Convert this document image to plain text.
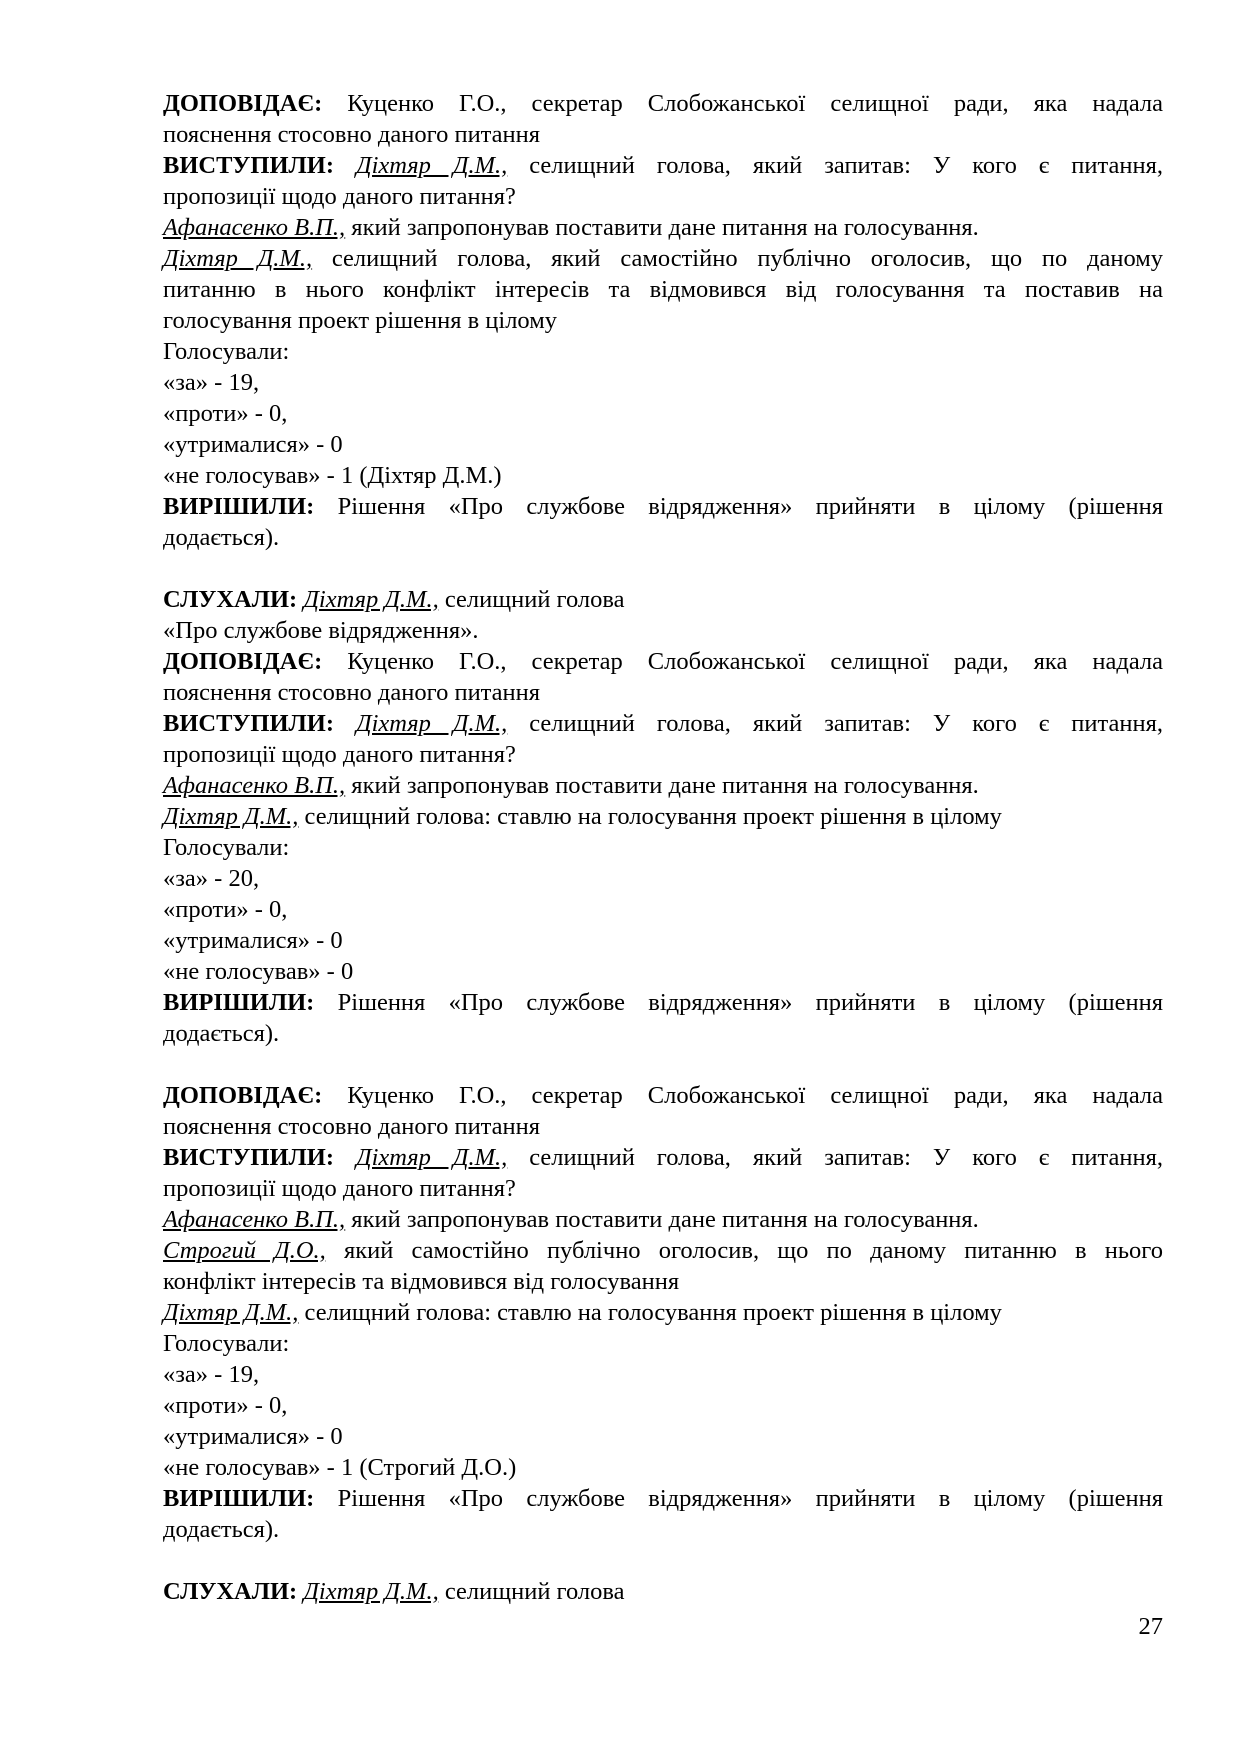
ДОПОВІДАЄ: Куценко Г.О., секретар Слобожанської селищної ради, яка надала

пояснення стосовно даного питання

ВИСТУПИЛИ: Діхтяр Д.М., селищний голова, який запитав: У кого є питання,

пропозиції щодо даного питання?

Афанасенко В.П., який запропонував поставити дане питання на голосування.

Діхтяр Д.М., селищний голова, який самостійно публічно оголосив, що по даному

питанню в нього конфлікт інтересів та відмовився від голосування та поставив на

голосування проект рішення в цілому

Голосували:

«за» - 19,

«проти» - 0,

«утрималися» - 0

«не голосував» - 1 (Діхтяр Д.М.)

ВИРІШИЛИ: Рішення «Про службове відрядження» прийняти в цілому (рішення

додається).

СЛУХАЛИ: Діхтяр Д.М., селищний голова

«Про службове відрядження».

ДОПОВІДАЄ: Куценко Г.О., секретар Слобожанської селищної ради, яка надала

пояснення стосовно даного питання

ВИСТУПИЛИ: Діхтяр Д.М., селищний голова, який запитав: У кого є питання,

пропозиції щодо даного питання?

Афанасенко В.П., який запропонував поставити дане питання на голосування.

Діхтяр Д.М., селищний голова: ставлю на голосування проект рішення в цілому

Голосували:

«за» - 20,

«проти» - 0,

«утрималися» - 0

«не голосував» - 0

ВИРІШИЛИ: Рішення «Про службове відрядження» прийняти в цілому (рішення

додається).

ДОПОВІДАЄ: Куценко Г.О., секретар Слобожанської селищної ради, яка надала

пояснення стосовно даного питання

ВИСТУПИЛИ: Діхтяр Д.М., селищний голова, який запитав: У кого є питання,

пропозиції щодо даного питання?

Афанасенко В.П., який запропонував поставити дане питання на голосування.

Строгий Д.О., який самостійно публічно оголосив, що по даному питанню в нього

конфлікт інтересів та відмовився від голосування

Діхтяр Д.М., селищний голова: ставлю на голосування проект рішення в цілому

Голосували:

«за» - 19,

«проти» - 0,

«утрималися» - 0

«не голосував» - 1 (Строгий Д.О.)

ВИРІШИЛИ: Рішення «Про службове відрядження» прийняти в цілому (рішення

додається).

СЛУХАЛИ: Діхтяр Д.М., селищний голова

27
